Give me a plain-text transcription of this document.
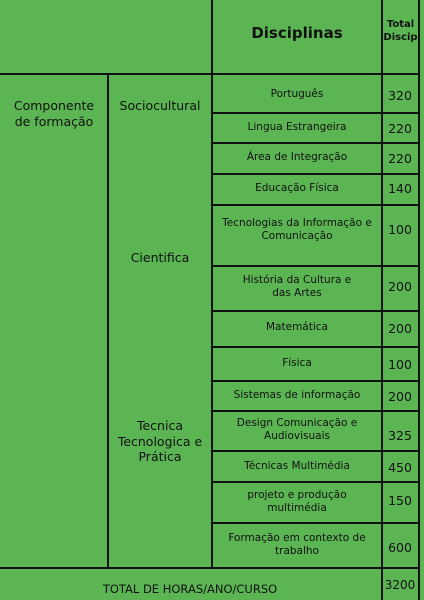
Disciplinas	Total Discip
Componente de formação
Sociocultural
Cientifica
Tecnica Tecnologica e Prática
Português
Lingua Estrangeira
Área de Integração
Educação Física
Tecnologias da Informação e Comunicação
História da Cultura e das Artes
Matemática
Física
Sistemas de informação
Design Comunicação e Audiovisuais
Técnicas Multimédia
projeto e produção multimédia
Formação em contexto de trabalho
320
220
220
140
100
200
200
100
200
325
450
150
600
TOTAL DE HORAS/ANO/CURSO	3200
